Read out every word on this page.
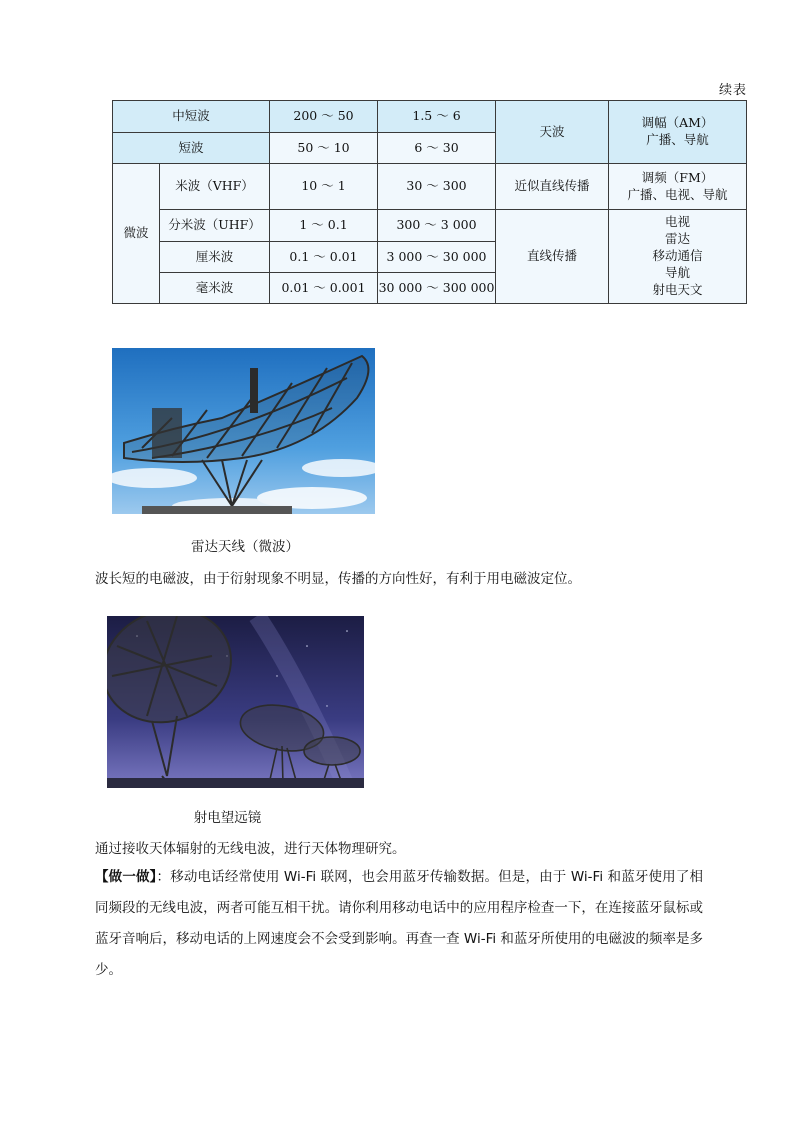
续表
中短波		200 ～ 50	1.5 ～ 6	天波	调幅（AM）
广播、导航

短波		50 ～ 10	6 ～ 30		
微波	米波（VHF）	10 ～ 1	30 ～ 300	近似直线传播	调频（FM）
广播、电视、导航

	分米波（UHF）	1 ～ 0.1	300 ～ 3 000	直线传播	电视
雷达
移动通信
导航
射电天文

	厘米波	0.1 ～ 0.01	3 000 ～ 30 000		
	毫米波	0.01 ～ 0.001	30 000 ～ 300 000		
雷达天线（微波）
波长短的电磁波，由于衍射现象不明显，传播的方向性好，有利于用电磁波定位。
射电望远镜
通过接收天体辐射的无线电波，进行天体物理研究。
【做一做】：移动电话经常使用 Wi-Fi 联网，也会用蓝牙传输数据。但是，由于 Wi-Fi 和蓝牙使用了相同频段的无线电波，两者可能互相干扰。请你利用移动电话中的应用程序检查一下，在连接蓝牙鼠标或蓝牙音响后，移动电话的上网速度会不会受到影响。再查一查 Wi-Fi 和蓝牙所使用的电磁波的频率是多少。
